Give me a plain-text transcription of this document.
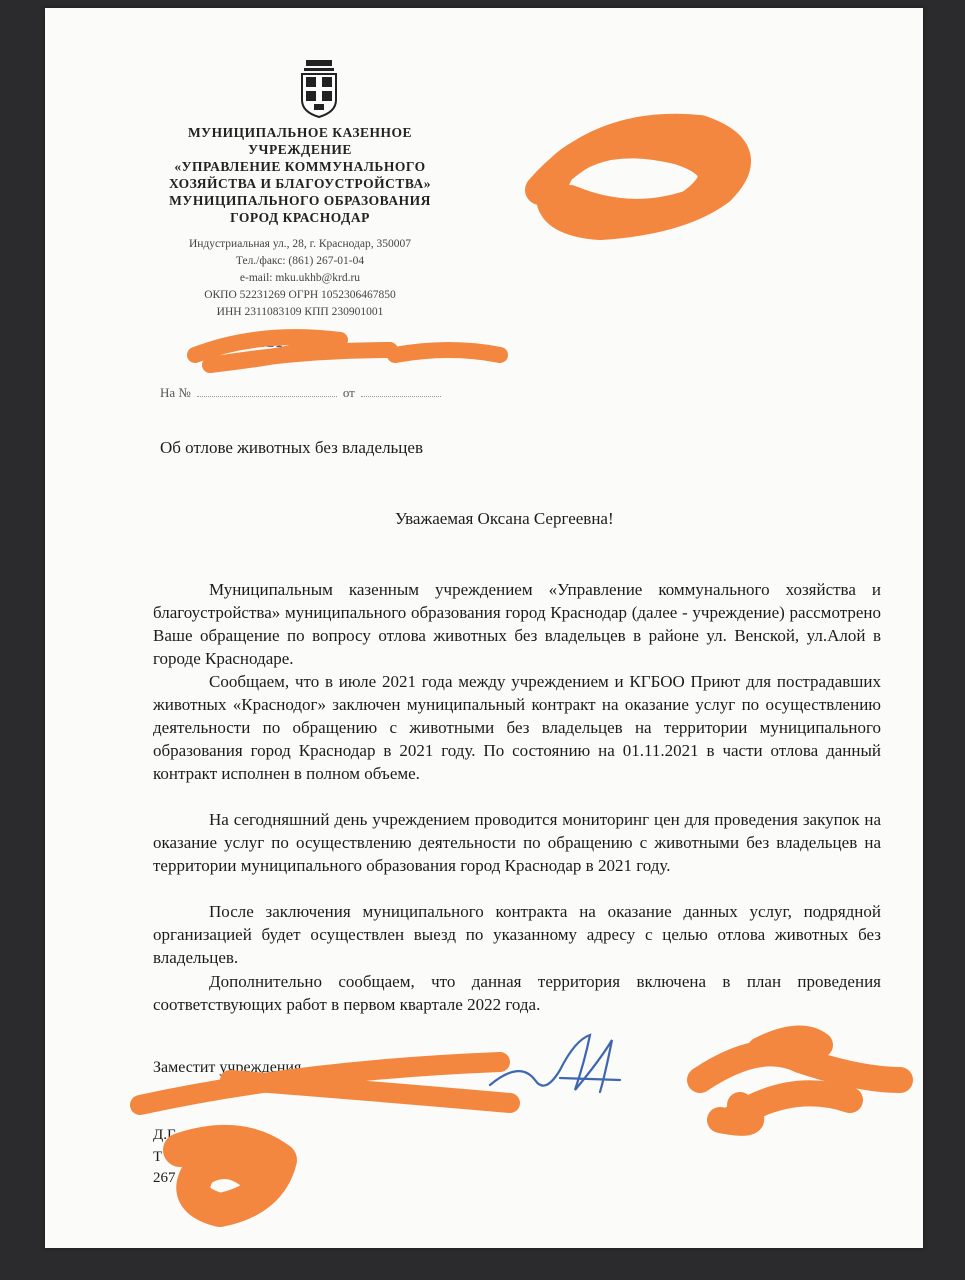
МУНИЦИПАЛЬНОЕ КАЗЕННОЕ
УЧРЕЖДЕНИЕ
«УПРАВЛЕНИЕ КОММУНАЛЬНОГО
ХОЗЯЙСТВА И БЛАГОУСТРОЙСТВА»
МУНИЦИПАЛЬНОГО ОБРАЗОВАНИЯ
ГОРОД КРАСНОДАР
Индустриальная ул., 28, г. Краснодар, 350007
Тел./факс: (861) 267-01-04
e-mail: mku.ukhb@krd.ru
ОКПО 52231269 ОГРН 1052306467850
ИНН 2311083109 КПП 230901001
2021
На №	от
Об отлове животных без владельцев
Уважаемая Оксана Сергеевна!
Муниципальным казенным учреждением «Управление коммунального хозяйства и благоустройства» муниципального образования город Краснодар (далее - учреждение) рассмотрено Ваше обращение по вопросу отлова животных без владельцев в районе ул. Венской, ул.Алой в городе Краснодаре.
Сообщаем, что в июле 2021 года между учреждением и КГБОО Приют для пострадавших животных «Краснодог» заключен муниципальный контракт на оказание услуг по осуществлению деятельности по обращению с животными без владельцев на территории муниципального образования город Краснодар в 2021 году. По состоянию на 01.11.2021 в части отлова данный контракт исполнен в полном объеме.
На сегодняшний день учреждением проводится мониторинг цен для проведения закупок на оказание услуг по осуществлению деятельности по обращению с животными без владельцев на территории муниципального образования город Краснодар в 2021 году.
После заключения муниципального контракта на оказание данных услуг, подрядной организацией будет осуществлен выезд по указанному адресу с целью отлова животных без владельцев.
Дополнительно сообщаем, что данная территория включена в план проведения соответствующих работ в первом квартале 2022 года.
Заместит учреждения
Д.Г.
Т
267
